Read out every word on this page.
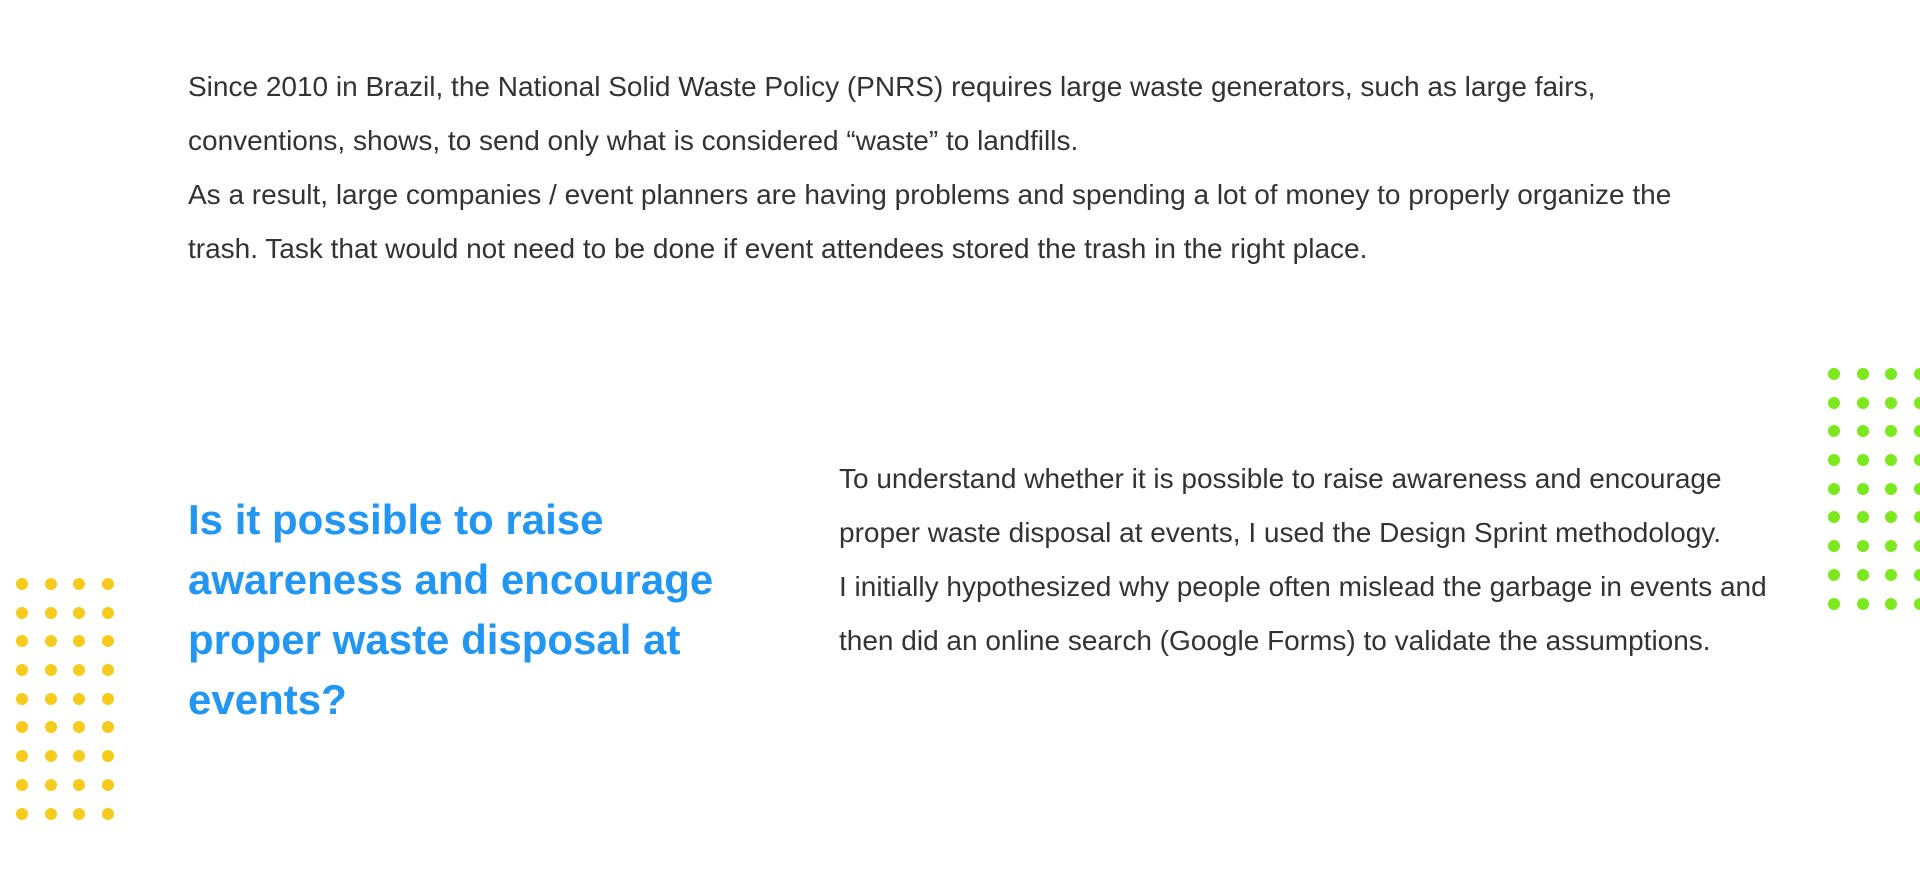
Since 2010 in Brazil, the National Solid Waste Policy (PNRS) requires large waste generators, such as large fairs, conventions, shows, to send only what is considered “waste” to landfills.

As a result, large companies / event planners are having problems and spending a lot of money to properly organize the trash. Task that would not need to be done if event attendees stored the trash in the right place.

Is it possible to raise awareness and encourage proper waste disposal at events?

To understand whether it is possible to raise awareness and encourage proper waste disposal at events, I used the Design Sprint methodology.

I initially hypothesized why people often mislead the garbage in events and then did an online search (Google Forms) to validate the assumptions.
